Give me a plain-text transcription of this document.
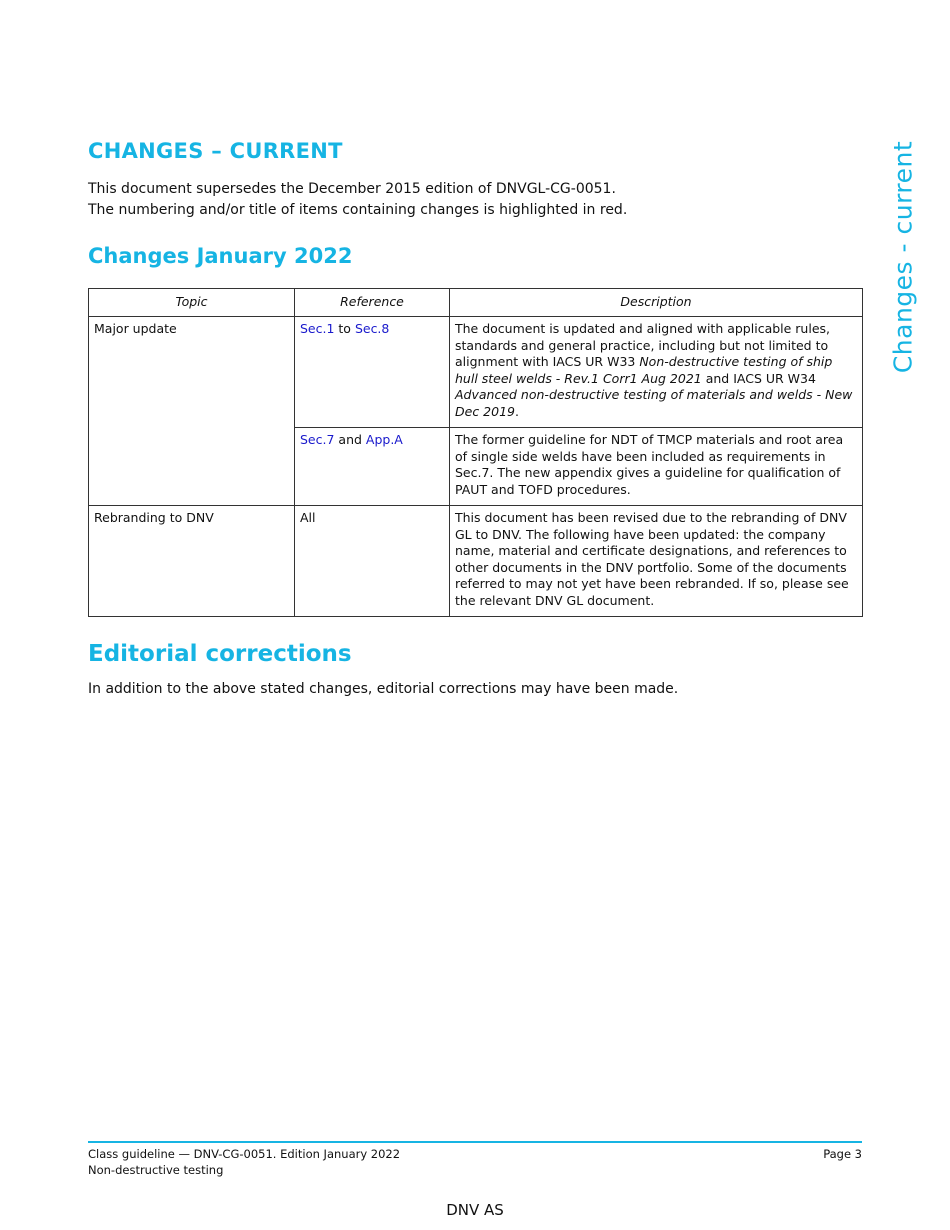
Changes - current
CHANGES – CURRENT
This document supersedes the December 2015 edition of DNVGL-CG-0051.
The numbering and/or title of items containing changes is highlighted in red.
Changes January 2022
Topic	Reference	Description
Major update	Sec.1 to Sec.8	The document is updated and aligned with applicable rules, standards and general practice, including but not limited to alignment with IACS UR W33 Non-destructive testing of ship hull steel welds - Rev.1 Corr1 Aug 2021 and IACS UR W34 Advanced non-destructive testing of materials and welds - New Dec 2019.
	Sec.7 and App.A	The former guideline for NDT of TMCP materials and root area of single side welds have been included as requirements in Sec.7. The new appendix gives a guideline for qualification of PAUT and TOFD procedures.
Rebranding to DNV	All	This document has been revised due to the rebranding of DNV GL to DNV. The following have been updated: the company name, material and certificate designations, and references to other documents in the DNV portfolio. Some of the documents referred to may not yet have been rebranded. If so, please see the relevant DNV GL document.
Editorial corrections
In addition to the above stated changes, editorial corrections may have been made.
Class guideline — DNV-CG-0051. Edition January 2022
Non-destructive testing
Page 3
DNV AS
